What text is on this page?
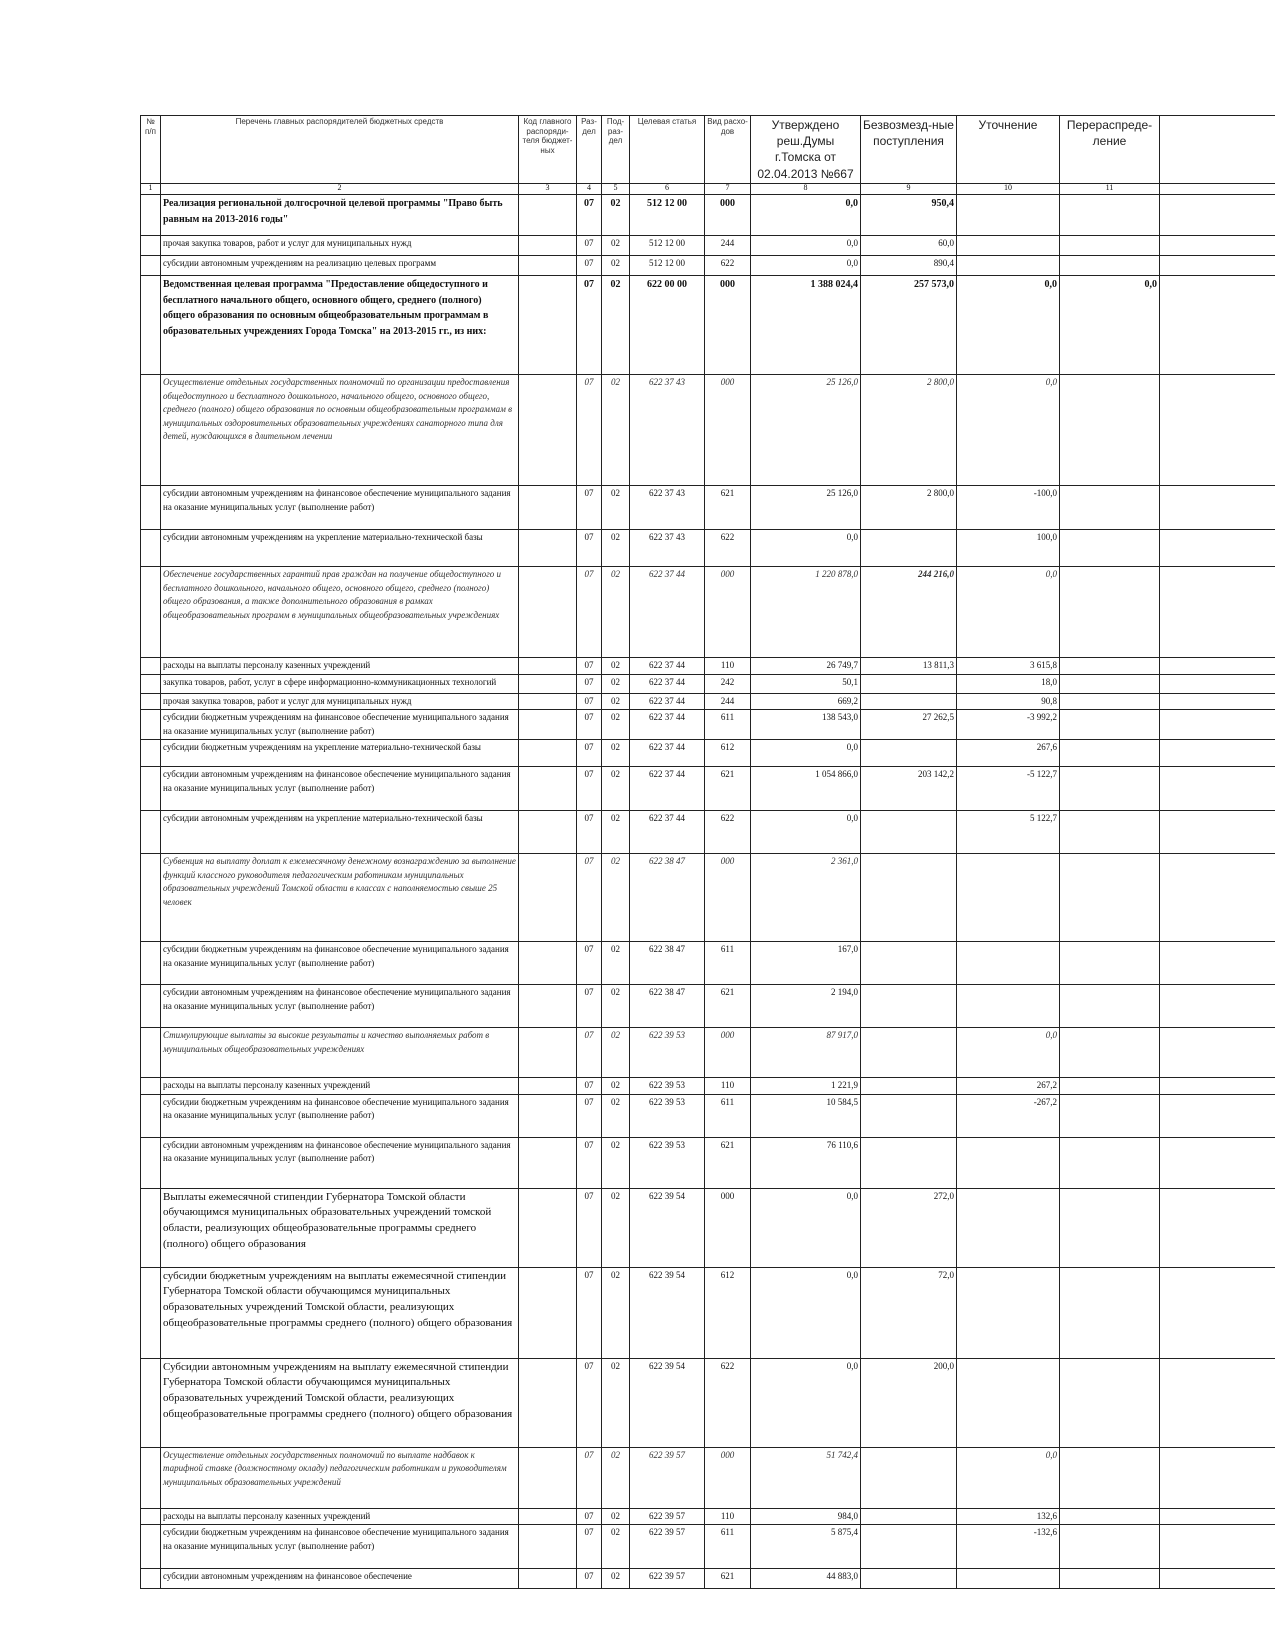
№ п/п	Перечень главных распорядителей бюджетных средств	Код главного распоряди-теля бюджет-ных	Раз-дел	Под-раз-дел	Целевая статья	Вид расхо-дов	Утверждено реш.Думы г.Томска от 02.04.2013 №667	Безвозмезд-ные поступления	Уточнение	Перераспреде-ление	
1	2	3	4	5	6	7	8	9	10	11	
	Реализация региональной долгосрочной целевой программы "Право быть равным на 2013-2016 годы"		07	02	512 12 00	000	0,0	950,4			
	прочая закупка товаров, работ и услуг для муниципальных нужд		07	02	512 12 00	244	0,0	60,0			
	субсидии автономным учреждениям на реализацию целевых программ		07	02	512 12 00	622	0,0	890,4			
	Ведомственная целевая программа "Предоставление общедоступного и бесплатного начального общего, основного общего, среднего (полного) общего образования по основным общеобразовательным программам в образовательных учреждениях Города Томска" на 2013-2015 гг., из них:		07	02	622 00 00	000	1 388 024,4	257 573,0	0,0	0,0	
	Осуществление отдельных государственных полномочий по организации предоставления общедоступного и бесплатного дошкольного, начального общего, основного общего, среднего (полного) общего образования по основным общеобразовательным программам в муниципальных оздоровительных образовательных учреждениях санаторного типа для детей, нуждающихся в длительном лечении		07	02	622 37 43	000	25 126,0	2 800,0	0,0		
	субсидии автономным учреждениям на финансовое обеспечение муниципального задания на оказание муниципальных услуг (выполнение работ)		07	02	622 37 43	621	25 126,0	2 800,0	-100,0		
	субсидии автономным учреждениям на укрепление материально-технической базы		07	02	622 37 43	622	0,0		100,0		
	Обеспечение государственных гарантий прав граждан на получение общедоступного и бесплатного дошкольного, начального общего, основного общего, среднего (полного) общего образования, а также дополнительного образования в рамках общеобразовательных программ в муниципальных общеобразовательных учреждениях		07	02	622 37 44	000	1 220 878,0	244 216,0	0,0		
	расходы на выплаты персоналу казенных учреждений		07	02	622 37 44	110	26 749,7	13 811,3	3 615,8		
	закупка товаров, работ, услуг в сфере информационно-коммуникационных технологий		07	02	622 37 44	242	50,1		18,0		
	прочая закупка товаров, работ и услуг для муниципальных нужд		07	02	622 37 44	244	669,2		90,8		
	субсидии бюджетным учреждениям на финансовое обеспечение муниципального задания на оказание муниципальных услуг (выполнение работ)		07	02	622 37 44	611	138 543,0	27 262,5	-3 992,2		
	субсидии бюджетным учреждениям на укрепление материально-технической базы		07	02	622 37 44	612	0,0		267,6		
	субсидии автономным учреждениям на финансовое обеспечение муниципального задания на оказание муниципальных услуг (выполнение работ)		07	02	622 37 44	621	1 054 866,0	203 142,2	-5 122,7		
	субсидии автономным учреждениям на укрепление материально-технической базы		07	02	622 37 44	622	0,0		5 122,7		
	Субвенция на выплату доплат к ежемесячному денежному вознаграждению за выполнение функций классного руководителя педагогическим работникам муниципальных образовательных учреждений Томской области в классах с наполняемостью свыше 25 человек		07	02	622 38 47	000	2 361,0				
	субсидии бюджетным учреждениям на финансовое обеспечение муниципального задания на оказание муниципальных услуг (выполнение работ)		07	02	622 38 47	611	167,0				
	субсидии автономным учреждениям на финансовое обеспечение муниципального задания на оказание муниципальных услуг (выполнение работ)		07	02	622 38 47	621	2 194,0				
	Стимулирующие выплаты за высокие результаты и качество выполняемых работ в муниципальных общеобразовательных учреждениях		07	02	622 39 53	000	87 917,0		0,0		
	расходы на выплаты персоналу казенных учреждений		07	02	622 39 53	110	1 221,9		267,2		
	субсидии бюджетным учреждениям на финансовое обеспечение муниципального задания на оказание муниципальных услуг (выполнение работ)		07	02	622 39 53	611	10 584,5		-267,2		
	субсидии автономным учреждениям на финансовое обеспечение муниципального задания на оказание муниципальных услуг (выполнение работ)		07	02	622 39 53	621	76 110,6				
	Выплаты ежемесячной стипендии Губернатора Томской области обучающимся муниципальных образовательных учреждений томской области, реализующих общеобразовательные программы среднего (полного) общего образования		07	02	622 39 54	000	0,0	272,0			
	субсидии бюджетным учреждениям на выплаты ежемесячной стипендии Губернатора Томской области обучающимся муниципальных образовательных учреждений Томской области, реализующих общеобразовательные программы среднего (полного) общего образования		07	02	622 39 54	612	0,0	72,0			
	Субсидии автономным учреждениям на выплату ежемесячной стипендии Губернатора Томской области обучающимся муниципальных образовательных учреждений Томской области, реализующих общеобразовательные программы среднего (полного) общего образования		07	02	622 39 54	622	0,0	200,0			
	Осуществление отдельных государственных полномочий по выплате надбавок к тарифной ставке (должностному окладу) педагогическим работникам и руководителям муниципальных образовательных учреждений		07	02	622 39 57	000	51 742,4		0,0		
	расходы на выплаты персоналу казенных учреждений		07	02	622 39 57	110	984,0		132,6		
	субсидии бюджетным учреждениям на финансовое обеспечение муниципального задания на оказание муниципальных услуг (выполнение работ)		07	02	622 39 57	611	5 875,4		-132,6		
	субсидии автономным учреждениям на финансовое обеспечение		07	02	622 39 57	621	44 883,0				
